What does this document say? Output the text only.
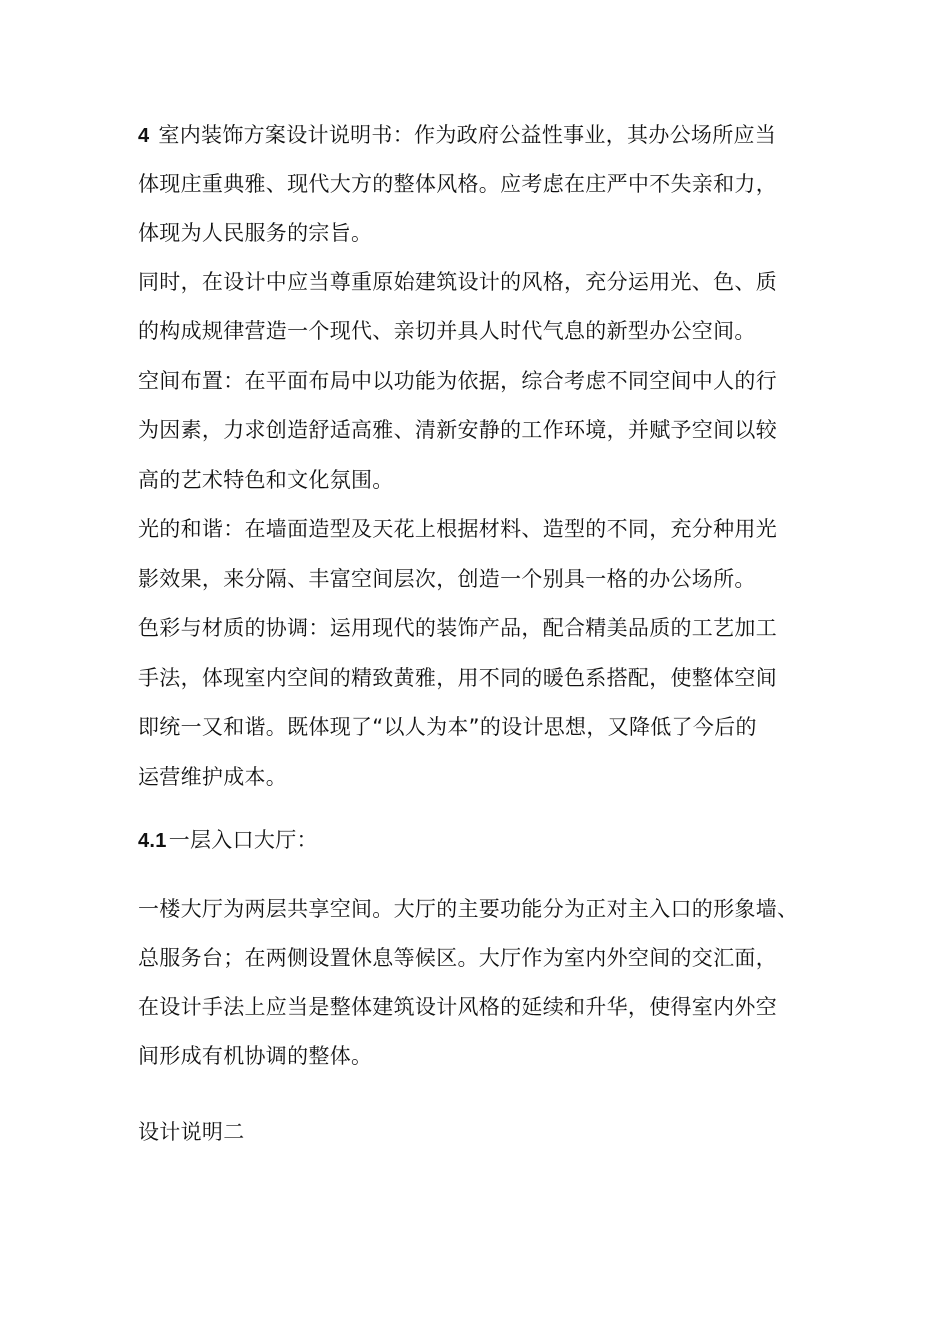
4 室内装饰方案设计说明书：作为政府公益性事业，其办公场所应当
体现庄重典雅、现代大方的整体风格。应考虑在庄严中不失亲和力，
体现为人民服务的宗旨。
同时，在设计中应当尊重原始建筑设计的风格，充分运用光、色、质
的构成规律营造一个现代、亲切并具人时代气息的新型办公空间。
空间布置：在平面布局中以功能为依据，综合考虑不同空间中人的行
为因素，力求创造舒适高雅、清新安静的工作环境，并赋予空间以较
高的艺术特色和文化氛围。
光的和谐：在墙面造型及天花上根据材料、造型的不同，充分种用光
影效果，来分隔、丰富空间层次，创造一个别具一格的办公场所。
色彩与材质的协调：运用现代的装饰产品，配合精美品质的工艺加工
手法，体现室内空间的精致黄雅，用不同的暖色系搭配，使整体空间
即统一又和谐。既体现了“以人为本”的设计思想，又降低了今后的
运营维护成本。
4.1一层入口大厅：
一楼大厅为两层共享空间。大厅的主要功能分为正对主入口的形象墙、
总服务台；在两侧设置休息等候区。大厅作为室内外空间的交汇面，
在设计手法上应当是整体建筑设计风格的延续和升华，使得室内外空
间形成有机协调的整体。
设计说明二
